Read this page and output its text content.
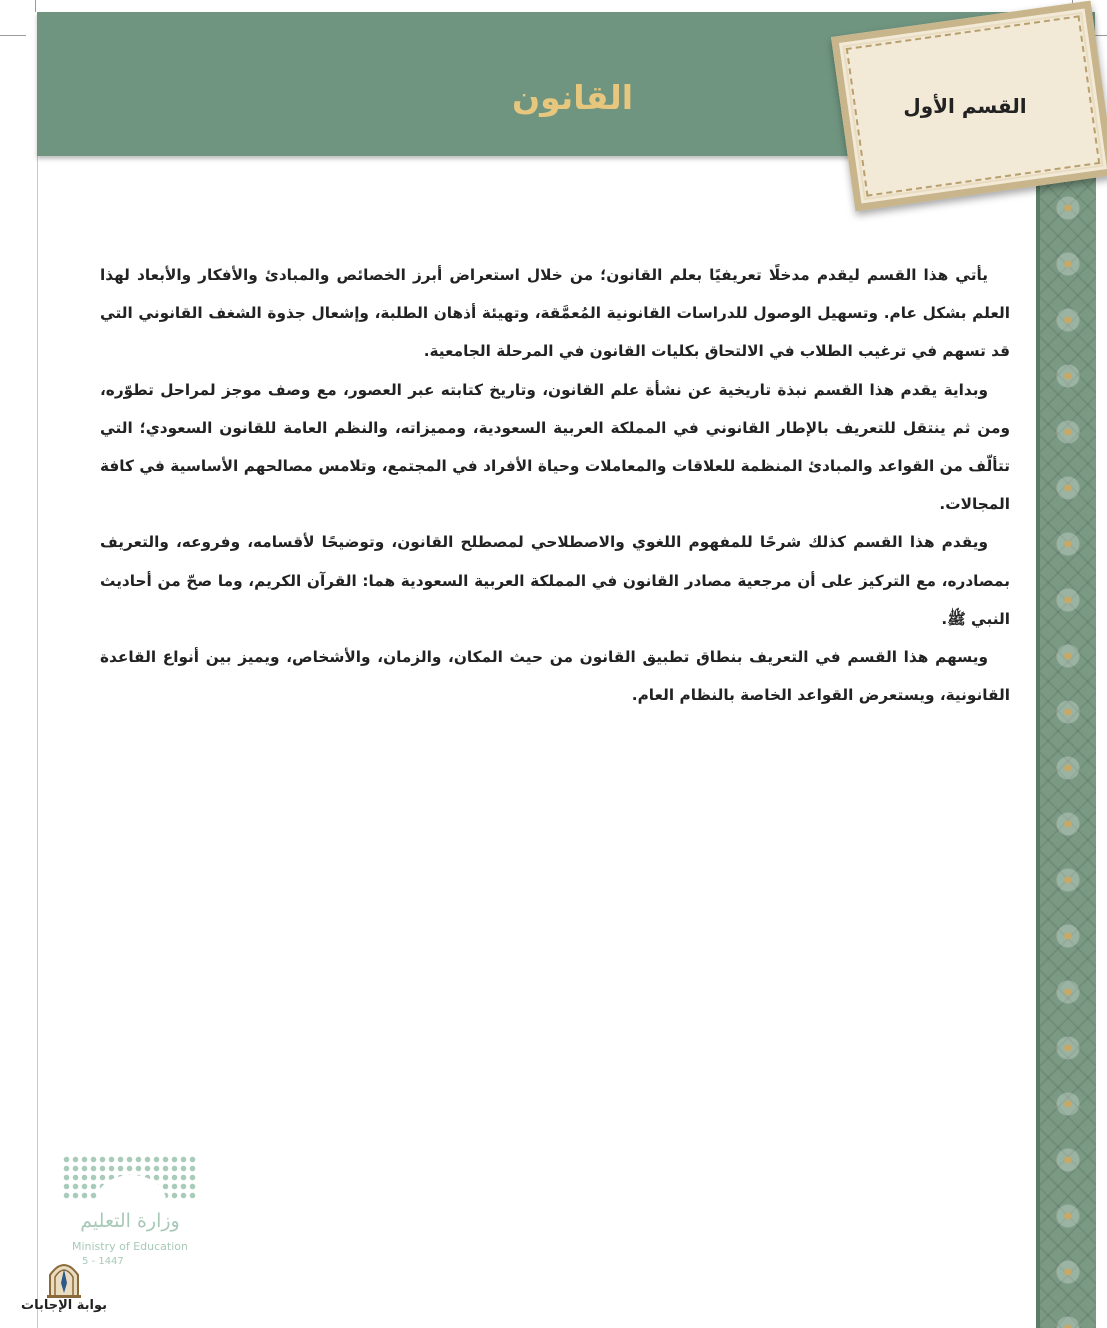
القانون	القسم الأول

يأتي هذا القسم ليقدم مدخلًا تعريفيًا بعلم القانون؛ من خلال استعراض أبرز الخصائص والمبادئ والأفكار والأبعاد لهذا العلم بشكل عام. وتسهيل الوصول للدراسات القانونية المُعمَّقة، وتهيئة أذهان الطلبة، وإشعال جذوة الشغف القانوني التي قد تسهم في ترغيب الطلاب في الالتحاق بكليات القانون في المرحلة الجامعية.

وبداية يقدم هذا القسم نبذة تاريخية عن نشأة علم القانون، وتاريخ كتابته عبر العصور، مع وصف موجز لمراحل تطوّره، ومن ثم ينتقل للتعريف بالإطار القانوني في المملكة العربية السعودية، ومميزاته، والنظم العامة للقانون السعودي؛ التي تتألّف من القواعد والمبادئ المنظمة للعلاقات والمعاملات وحياة الأفراد في المجتمع، وتلامس مصالحهم الأساسية في كافة المجالات.

ويقدم هذا القسم كذلك شرحًا للمفهوم اللغوي والاصطلاحي لمصطلح القانون، وتوضيحًا لأقسامه، وفروعه، والتعريف بمصادره، مع التركيز على أن مرجعية مصادر القانون في المملكة العربية السعودية هما: القرآن الكريم، وما صحّ من أحاديث النبي ﷺ.

ويسهم هذا القسم في التعريف بنطاق تطبيق القانون من حيث المكان، والزمان، والأشخاص، ويميز بين أنواع القاعدة القانونية، ويستعرض القواعد الخاصة بالنظام العام.

وزارة التعليم
Ministry of Education
5 - 1447
بوابة الإجابات
